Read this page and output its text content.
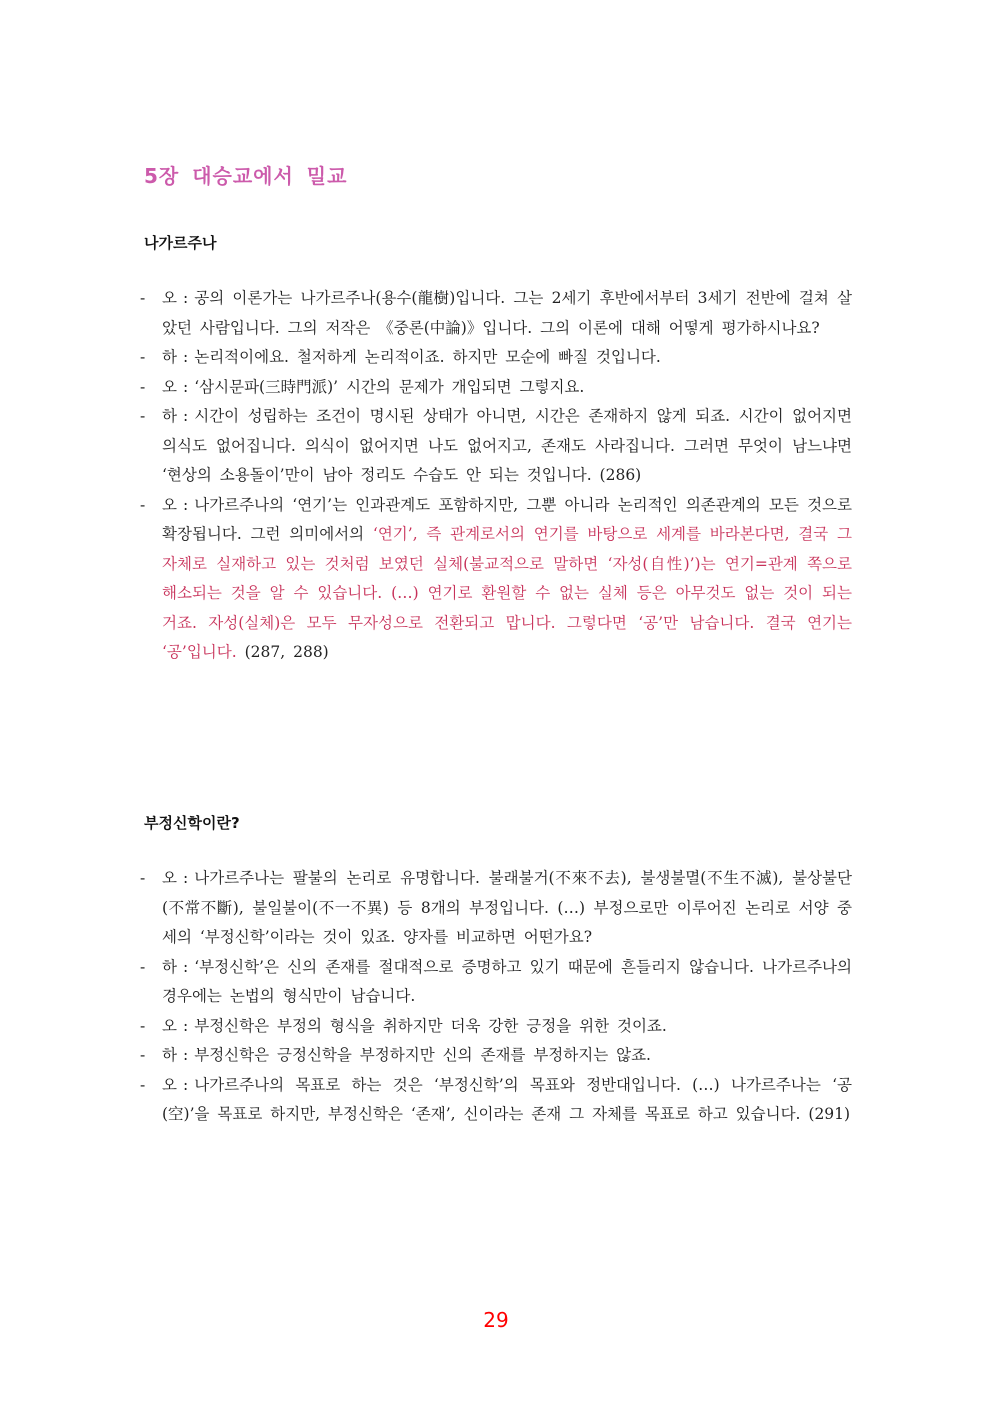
5장 대승교에서 밀교
나가르주나

- 오 : 공의 이론가는 나가르주나(용수(龍樹)입니다. 그는 2세기 후반에서부터 3세기 전반에 걸쳐 살았던 사람입니다. 그의 저작은 《중론(中論)》입니다. 그의 이론에 대해 어떻게 평가하시나요?

- 하 : 논리적이에요. 철저하게 논리적이죠. 하지만 모순에 빠질 것입니다.

- 오 : ‘삼시문파(三時門派)’ 시간의 문제가 개입되면 그렇지요.

- 하 : 시간이 성립하는 조건이 명시된 상태가 아니면, 시간은 존재하지 않게 되죠. 시간이 없어지면 의식도 없어집니다. 의식이 없어지면 나도 없어지고, 존재도 사라집니다. 그러면 무엇이 남느냐면 ‘현상의 소용돌이’만이 남아 정리도 수습도 안 되는 것입니다. (286)

- 오 : 나가르주나의 ‘연기’는 인과관계도 포함하지만, 그뿐 아니라 논리적인 의존관계의 모든 것으로 확장됩니다. 그런 의미에서의 ‘연기’, 즉 관계로서의 연기를 바탕으로 세계를 바라본다면, 결국 그 자체로 실재하고 있는 것처럼 보였던 실체(불교적으로 말하면 ‘자성(自性)’)는 연기=관계 쪽으로 해소되는 것을 알 수 있습니다. (…) 연기로 환원할 수 없는 실체 등은 아무것도 없는 것이 되는 거죠. 자성(실체)은 모두 무자성으로 전환되고 맙니다. 그렇다면 ‘공’만 남습니다. 결국 연기는 ‘공’입니다. (287, 288)

부정신학이란?

- 오 : 나가르주나는 팔불의 논리로 유명합니다. 불래불거(不來不去), 불생불멸(不生不滅), 불상불단(不常不斷), 불일불이(不一不異) 등 8개의 부정입니다. (…) 부정으로만 이루어진 논리로 서양 중세의 ‘부정신학’이라는 것이 있죠. 양자를 비교하면 어떤가요?

- 하 : ‘부정신학’은 신의 존재를 절대적으로 증명하고 있기 때문에 흔들리지 않습니다. 나가르주나의 경우에는 논법의 형식만이 남습니다.

- 오 : 부정신학은 부정의 형식을 취하지만 더욱 강한 긍정을 위한 것이죠.

- 하 : 부정신학은 긍정신학을 부정하지만 신의 존재를 부정하지는 않죠.

- 오 : 나가르주나의 목표로 하는 것은 ‘부정신학’의 목표와 정반대입니다. (…) 나가르주나는 ‘공(空)’을 목표로 하지만, 부정신학은 ‘존재’, 신이라는 존재 그 자체를 목표로 하고 있습니다. (291)

29
